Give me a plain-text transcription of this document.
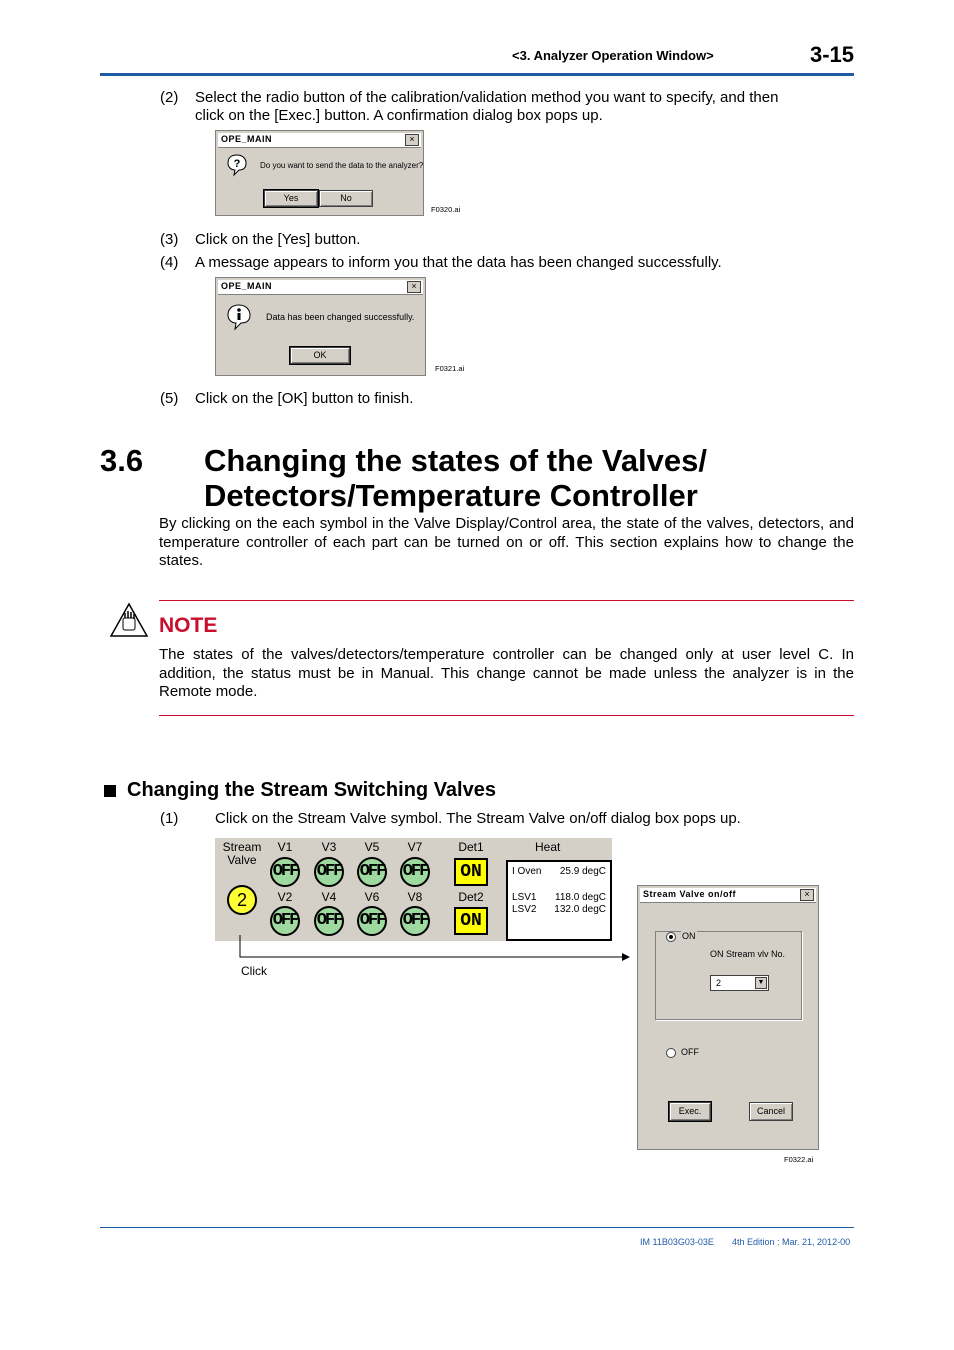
<3. Analyzer Operation Window>	3-15
(2) Select the radio button of the calibration/validation method you want to specify, and then
click on the [Exec.] button. A confirmation dialog box pops up.
OPE_MAIN	×
? Do you want to send the data to the analyzer?
Yes	No
F0320.ai
(3) Click on the [Yes] button.
(4) A message appears to inform you that the data has been changed successfully.
OPE_MAIN	×
Data has been changed successfully.
OK
F0321.ai
(5) Click on the [OK] button to finish.
3.6 Changing the states of the Valves/
Detectors/Temperature Controller
By clicking on the each symbol in the Valve Display/Control area, the state of the valves, detectors, and temperature controller of each part can be turned on or off. This section explains how to change the states.
NOTE
The states of the valves/detectors/temperature controller can be changed only at user level C. In addition, the status must be in Manual. This change cannot be made unless the analyzer is in the Remote mode.
Changing the Stream Switching Valves
(1) Click on the Stream Valve symbol. The Stream Valve on/off dialog box pops up.
Stream
Valve
2
V1	V3	V5	V7
OFF OFF OFF OFF
V2	V4	V6	V8
OFF OFF OFF OFF
Det1
ON
Det2
ON
Heat
I Oven 25.9 degC
LSV1 118.0 degC
LSV2 132.0 degC
Click
Stream Valve on/off	×
ON
ON Stream vlv No.
2	▼
OFF
Exec.	Cancel
F0322.ai
IM 11B03G03-03E 4th Edition : Mar. 21, 2012-00
